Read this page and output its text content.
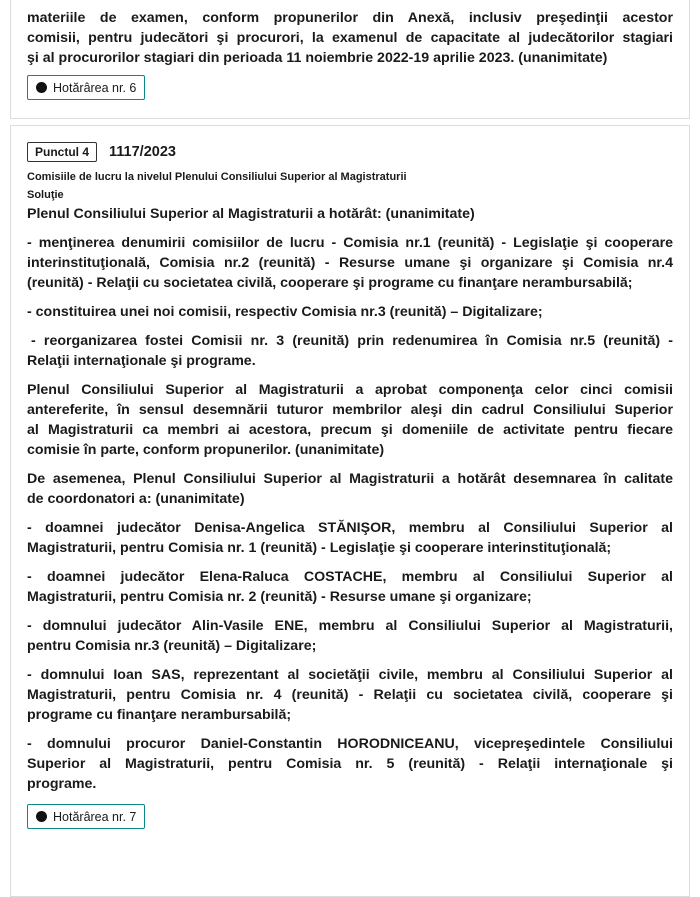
materiile de examen, conform propunerilor din Anexă, inclusiv preşedinţii acestor
comisii, pentru judecători şi procurori, la examenul de capacitate al judecătorilor stagiari
şi al procurorilor stagiari din perioada 11 noiembrie 2022-19 aprilie 2023. (unanimitate)

Hotărârea nr. 6
Punctul 4	1117/2023

Comisiile de lucru la nivelul Plenului Consiliului Superior al Magistraturii

Soluţie

Plenul Consiliului Superior al Magistraturii a hotărât: (unanimitate)

- menţinerea denumirii comisiilor de lucru - Comisia nr.1 (reunită) - Legislaţie şi cooperare
interinstituţională, Comisia nr.2 (reunită) - Resurse umane şi organizare şi Comisia nr.4
(reunită) - Relaţii cu societatea civilă, cooperare şi programe cu finanţare nerambursabilă;

- constituirea unei noi comisii, respectiv Comisia nr.3 (reunită) – Digitalizare;

- reorganizarea fostei Comisii nr. 3 (reunită) prin redenumirea în Comisia nr.5 (reunită) -
Relaţii internaţionale şi programe.

Plenul Consiliului Superior al Magistraturii a aprobat componenţa celor cinci comisii
antereferite, în sensul desemnării tuturor membrilor aleşi din cadrul Consiliului Superior
al Magistraturii ca membri ai acestora, precum şi domeniile de activitate pentru fiecare
comisie în parte, conform propunerilor. (unanimitate)

De asemenea, Plenul Consiliului Superior al Magistraturii a hotărât desemnarea în calitate
de coordonatori a: (unanimitate)

- doamnei judecător Denisa-Angelica STĂNIŞOR, membru al Consiliului Superior al
Magistraturii, pentru Comisia nr. 1 (reunită) - Legislaţie şi cooperare interinstituţională;

- doamnei judecător Elena-Raluca COSTACHE, membru al Consiliului Superior al
Magistraturii, pentru Comisia nr. 2 (reunită) - Resurse umane şi organizare;

- domnului judecător Alin-Vasile ENE, membru al Consiliului Superior al Magistraturii,
pentru Comisia nr.3 (reunită) – Digitalizare;

- domnului Ioan SAS, reprezentant al societăţii civile, membru al Consiliului Superior al
Magistraturii, pentru Comisia nr. 4 (reunită) - Relaţii cu societatea civilă, cooperare şi
programe cu finanţare nerambursabilă;

- domnului procuror Daniel-Constantin HORODNICEANU, vicepreşedintele Consiliului
Superior al Magistraturii, pentru Comisia nr. 5 (reunită) - Relaţii internaţionale şi
programe.

Hotărârea nr. 7
